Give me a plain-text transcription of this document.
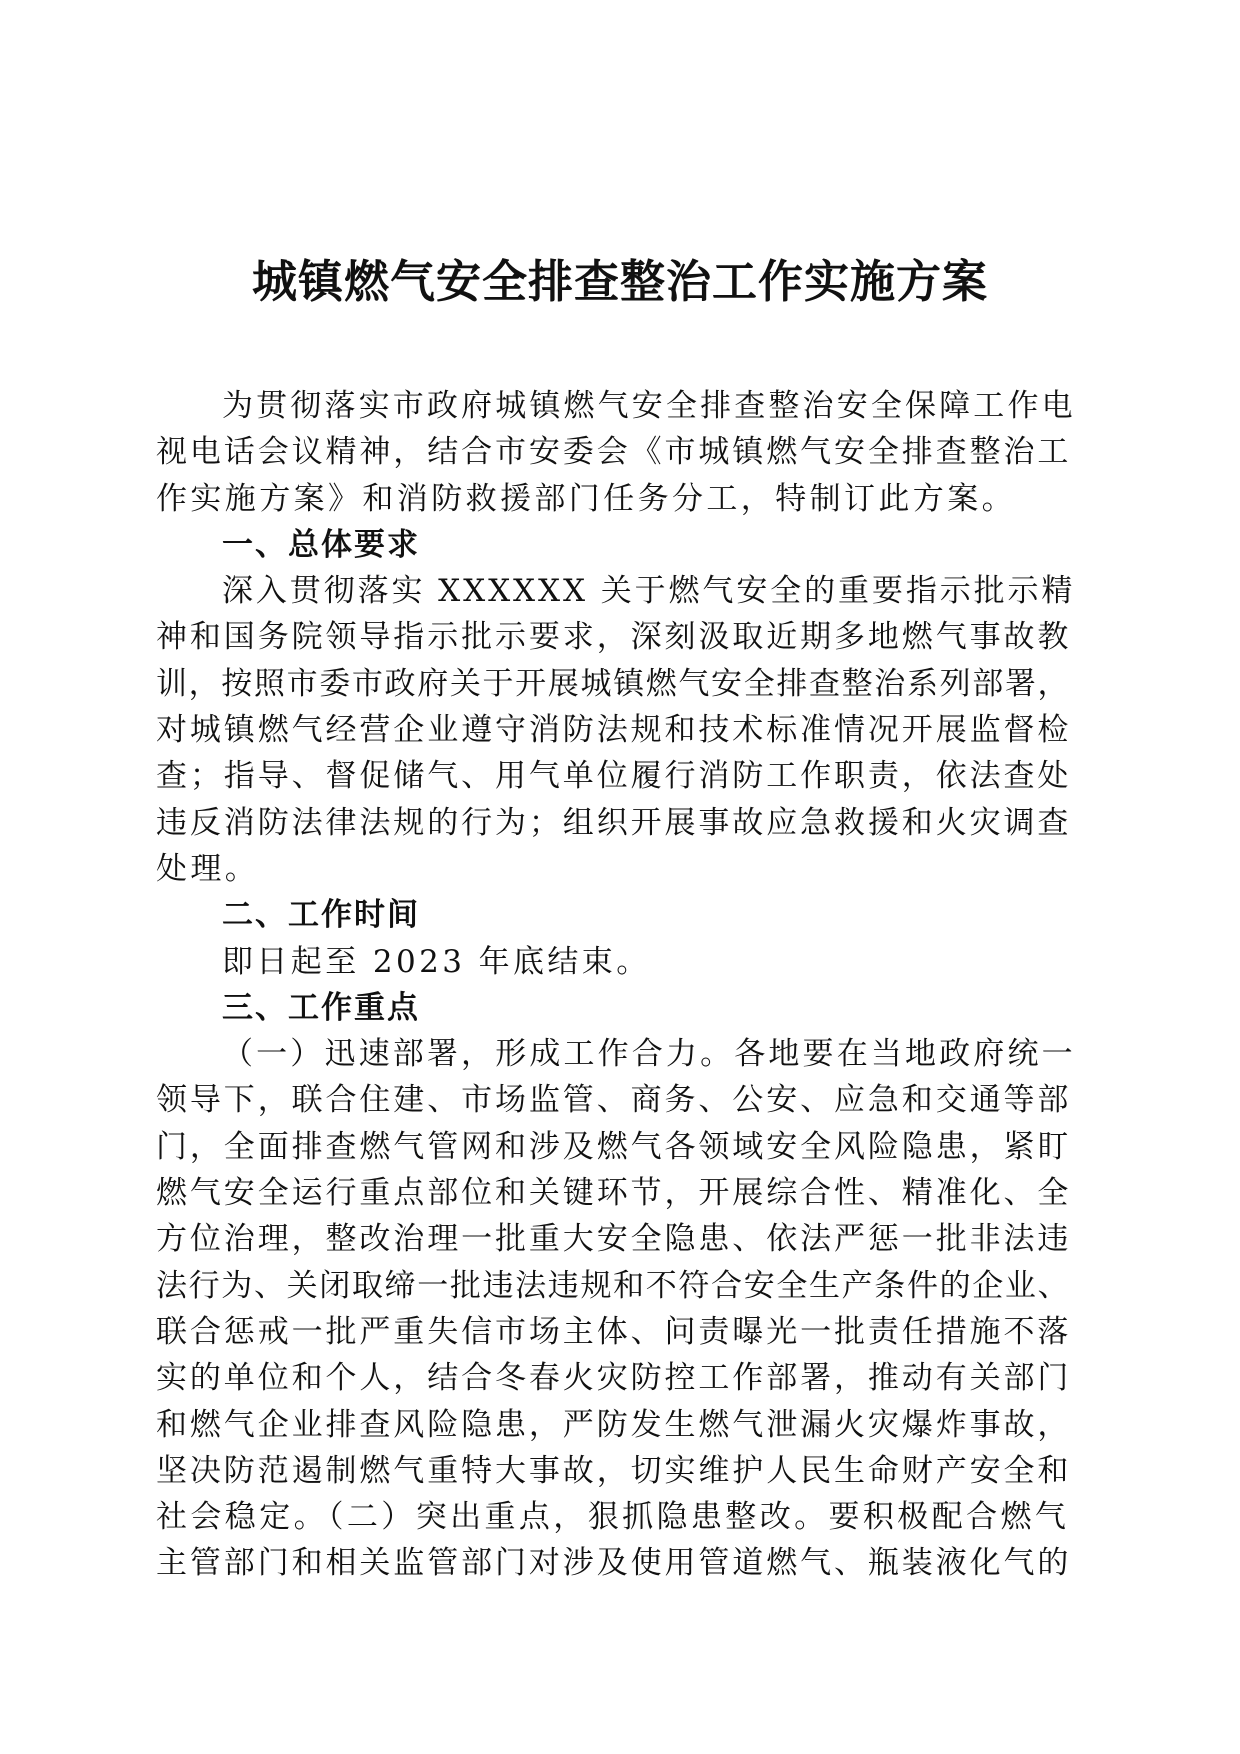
城镇燃气安全排查整治工作实施方案
为贯彻落实市政府城镇燃气安全排查整治安全保障工作电
视电话会议精神，结合市安委会《市城镇燃气安全排查整治工
作实施方案》和消防救援部门任务分工，特制订此方案。
一、总体要求
深入贯彻落实 XXXXXX 关于燃气安全的重要指示批示精
神和国务院领导指示批示要求，深刻汲取近期多地燃气事故教
训，按照市委市政府关于开展城镇燃气安全排查整治系列部署，
对城镇燃气经营企业遵守消防法规和技术标准情况开展监督检
查；指导、督促储气、用气单位履行消防工作职责，依法查处
违反消防法律法规的行为；组织开展事故应急救援和火灾调查
处理。
二、工作时间
即日起至 2023 年底结束。
三、工作重点
（一）迅速部署，形成工作合力。各地要在当地政府统一
领导下，联合住建、市场监管、商务、公安、应急和交通等部
门，全面排查燃气管网和涉及燃气各领域安全风险隐患，紧盯
燃气安全运行重点部位和关键环节，开展综合性、精准化、全
方位治理，整改治理一批重大安全隐患、依法严惩一批非法违
法行为、关闭取缔一批违法违规和不符合安全生产条件的企业、
联合惩戒一批严重失信市场主体、问责曝光一批责任措施不落
实的单位和个人，结合冬春火灾防控工作部署，推动有关部门
和燃气企业排查风险隐患，严防发生燃气泄漏火灾爆炸事故，
坚决防范遏制燃气重特大事故，切实维护人民生命财产安全和
社会稳定。（二）突出重点，狠抓隐患整改。要积极配合燃气
主管部门和相关监管部门对涉及使用管道燃气、瓶装液化气的
